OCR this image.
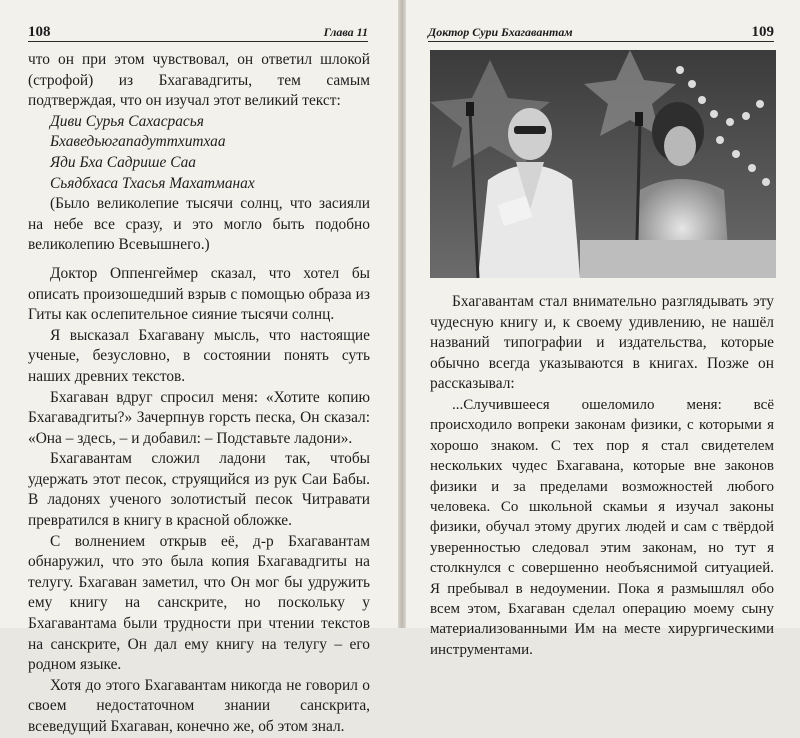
108	Глава 11

что он при этом чувствовал, он ответил шлокой (строфой) из Бхагавадгиты, тем самым подтверждая, что он изучал этот великий текст:

Диви Сурья Сахасрасья
Бхаведьюгападуттхитхаа
Яди Бха Садрише Саа
Сьядбхаса Тхасья Махатманах

(Было великолепие тысячи солнц, что засияли на небе все сразу, и это могло быть подобно великолепию Всевышнего.)

Доктор Оппенгеймер сказал, что хотел бы описать произошедший взрыв с помощью образа из Гиты как ослепительное сияние тысячи солнц.

Я высказал Бхагавану мысль, что настоящие ученые, безусловно, в состоянии понять суть наших древних текстов.

Бхагаван вдруг спросил меня: «Хотите копию Бхагавадгиты?» Зачерпнув горсть песка, Он сказал: «Она – здесь, – и добавил: – Подставьте ладони».

Бхагавантам сложил ладони так, чтобы удержать этот песок, струящийся из рук Саи Бабы. В ладонях ученого золотистый песок Читравати превратился в книгу в красной обложке.

С волнением открыв её, д-р Бхагавантам обнаружил, что это была копия Бхагавадгиты на телугу. Бхагаван заметил, что Он мог бы удружить ему книгу на санскрите, но поскольку у Бхагавантама были трудности при чтении текстов на санскрите, Он дал ему книгу на телугу – его родном языке.

Хотя до этого Бхагавантам никогда не говорил о своем недостаточном знании санскрита, всеведущий Бхагаван, конечно же, об этом знал.

Доктор Сури Бхагавантам	109

Бхагавантам стал внимательно разглядывать эту чудесную книгу и, к своему удивлению, не нашёл названий типографии и издательства, которые обычно всегда указываются в книгах. Позже он рассказывал:

...Случившееся ошеломило меня: всё происходило вопреки законам физики, с которыми я хорошо знаком. С тех пор я стал свидетелем нескольких чудес Бхагавана, которые вне законов физики и за пределами возможностей любого человека. Со школьной скамьи я изучал законы физики, обучал этому других людей и сам с твёрдой уверенностью следовал этим законам, но тут я столкнулся с совершенно необъяснимой ситуацией. Я пребывал в недоумении. Пока я размышлял обо всем этом, Бхагаван сделал операцию моему сыну материализованными Им на месте хирургическими инструментами.
